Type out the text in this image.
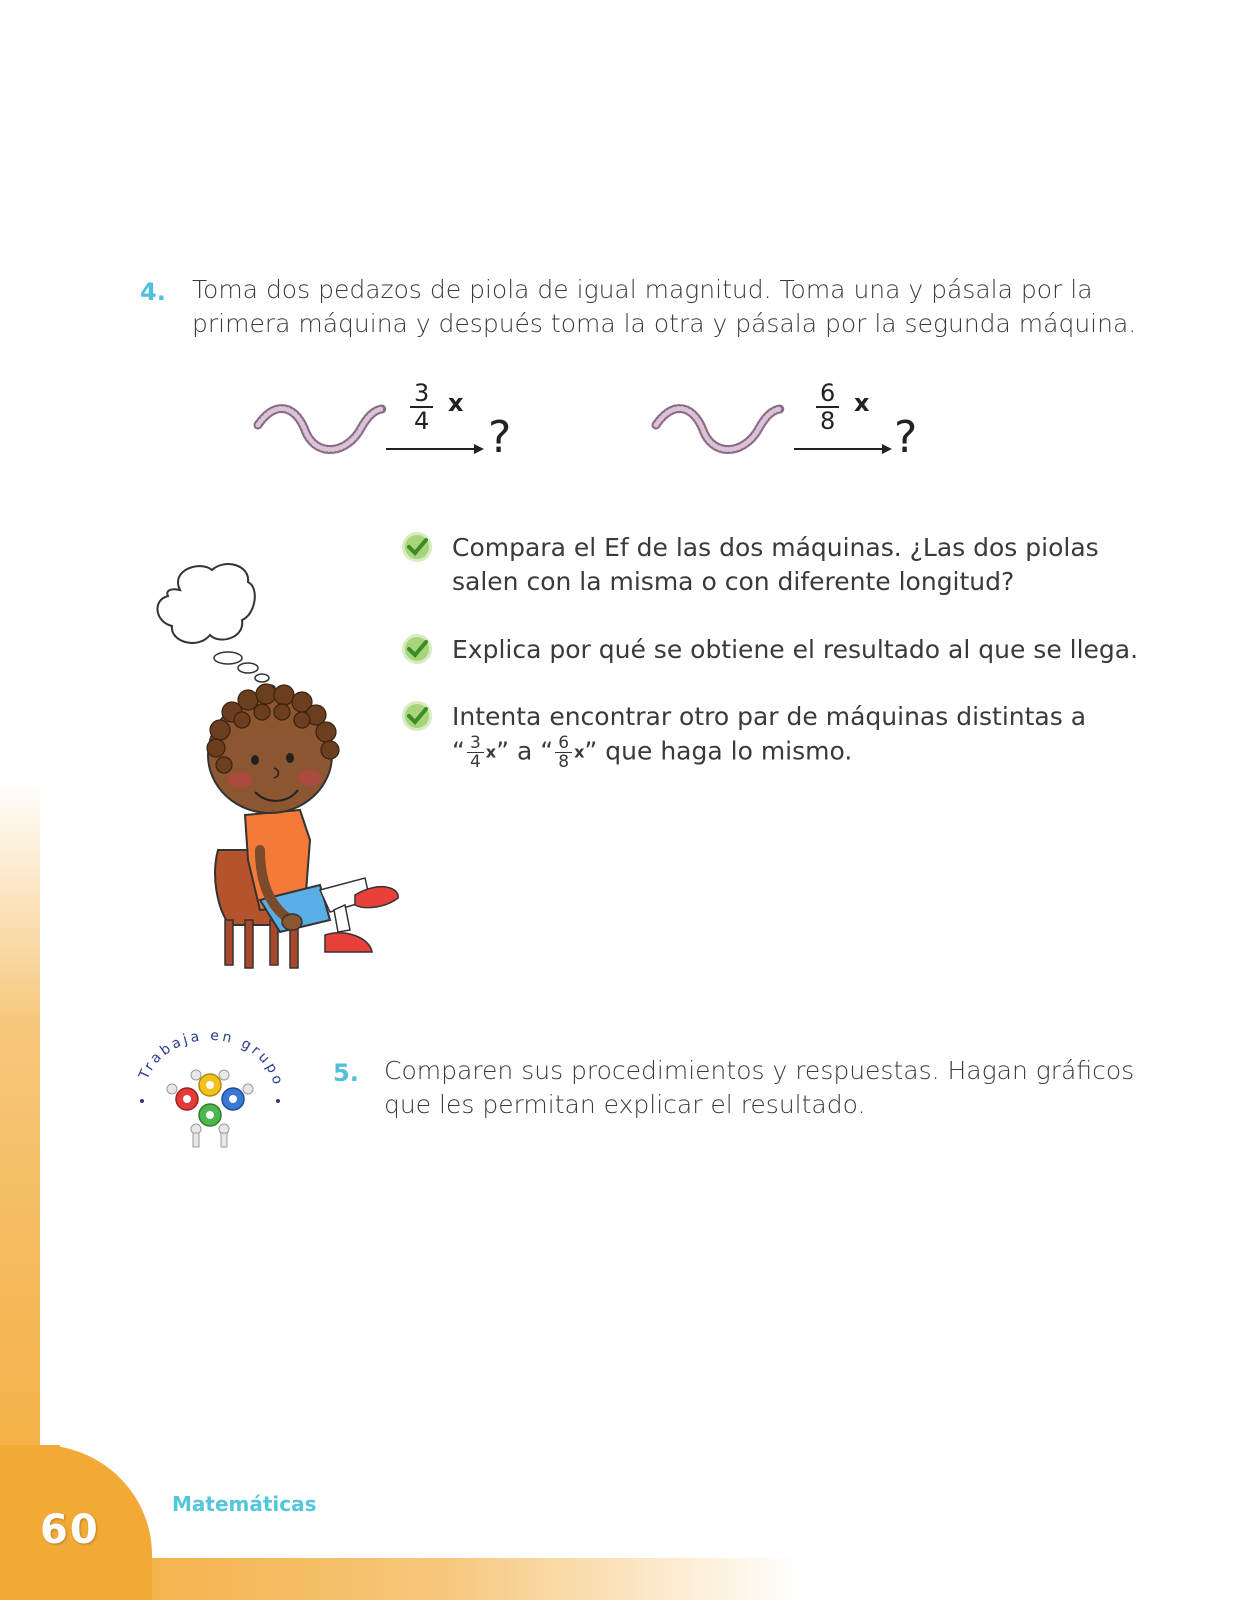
60
Matemáticas
4. Toma dos pedazos de piola de igual magnitud. Toma una y pásala por la
primera máquina y después toma la otra y pásala por la segunda máquina.
$\frac{3}{4}$ x
¿
$\frac{6}{8}$ x
¿
Compara el Ef de las dos máquinas. ¿Las dos piolas
salen con la misma o con diferente longitud?
Explica por qué se obtiene el resultado al que se llega.
Intenta encontrar otro par de máquinas distintas a
“ $\frac{3}{4} x$” a “ $\frac{6}{8} x$” que haga lo mismo.
Trabaja en grupo 5. Comparen sus procedimientos y respuestas. Hagan gráficos
que les permitan explicar el resultado.
